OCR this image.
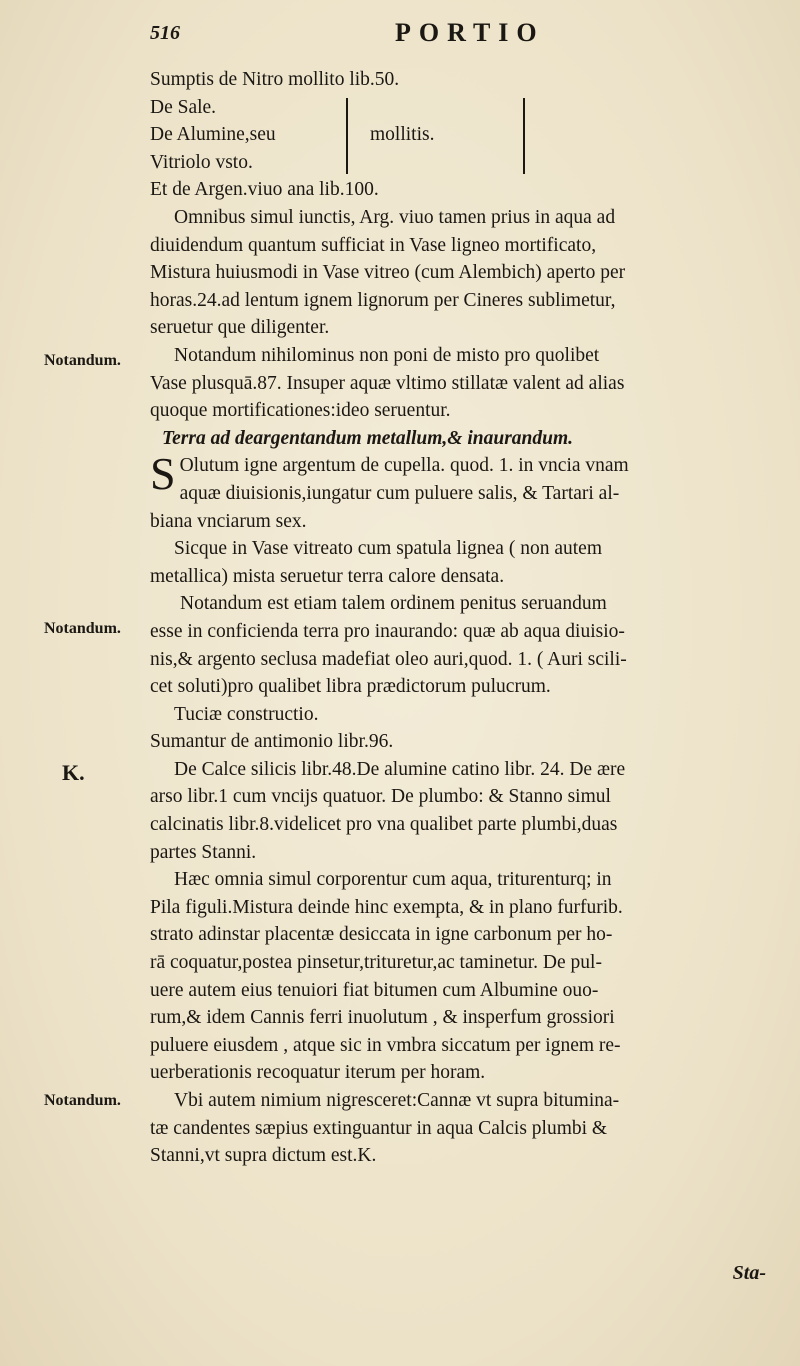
516	PORTIO
Notandum.
Notandum.
K.
Notandum.
Sumptis de Nitro mollito lib.50.
De Sale.
De Alumine,seu
Vitriolo vsto.
mollitis.
Et de Argen.viuo ana lib.100.
Omnibus simul iunctis, Arg. viuo tamen prius in aqua ad
diuidendum quantum sufficiat in Vase ligneo mortificato,
Mistura huiusmodi in Vase vitreo (cum Alembich) aperto per
horas.24.ad lentum ignem lignorum per Cineres sublimetur,
seruetur que diligenter.
Notandum nihilominus non poni de misto pro quolibet
Vase plusquā.87. Insuper aquæ vltimo stillatæ valent ad alias
quoque mortificationes:ideo seruentur.
Terra ad deargentandum metallum,& inaurandum.
S Olutum igne argentum de cupella. quod. 1. in vncia vnam
aquæ diuisionis,iungatur cum puluere salis, & Tartari al-
biana vnciarum sex.
Sicque in Vase vitreato cum spatula lignea ( non autem
metallica) mista seruetur terra calore densata.
Notandum est etiam talem ordinem penitus seruandum
esse in conficienda terra pro inaurando: quæ ab aqua diuisio-
nis,& argento seclusa madefiat oleo auri,quod. 1. ( Auri scili-
cet soluti)pro qualibet libra prædictorum pulucrum.
Tuciæ constructio.
Sumantur de antimonio libr.96.
De Calce silicis libr.48.De alumine catino libr. 24. De ære
arso libr.1 cum vncijs quatuor. De plumbo: & Stanno simul
calcinatis libr.8.videlicet pro vna qualibet parte plumbi,duas
partes Stanni.
Hæc omnia simul corporentur cum aqua, triturenturq; in
Pila figuli.Mistura deinde hinc exempta, & in plano furfurib.
strato adinstar placentæ desiccata in igne carbonum per ho-
rā coquatur,postea pinsetur,trituretur,ac taminetur. De pul-
uere autem eius tenuiori fiat bitumen cum Albumine ouo-
rum,& idem Cannis ferri inuolutum , & insperfum grossiori
puluere eiusdem , atque sic in vmbra siccatum per ignem re-
uerberationis recoquatur iterum per horam.
Vbi autem nimium nigresceret:Cannæ vt supra bitumina-
tæ candentes sæpius extinguantur in aqua Calcis plumbi &
Stanni,vt supra dictum est.K.
Sta-
